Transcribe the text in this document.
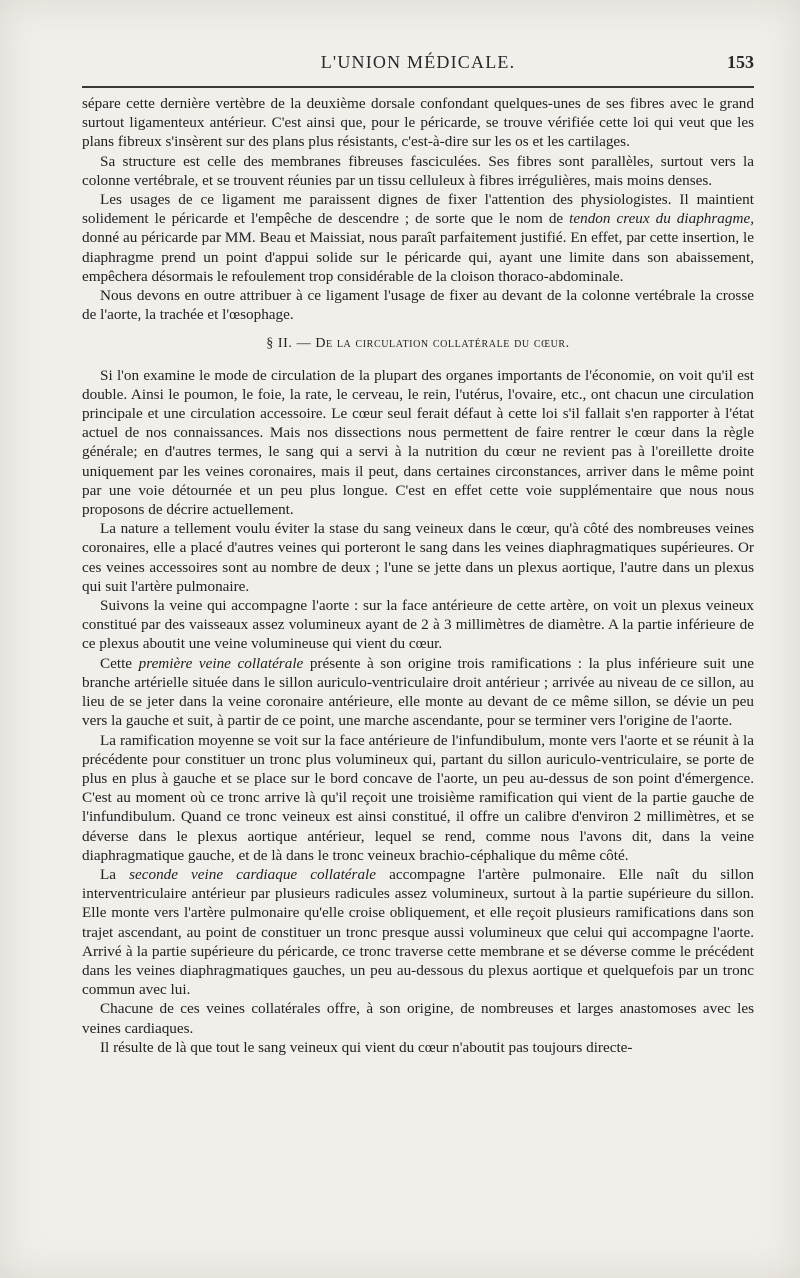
L'UNION MÉDICALE.	153

sépare cette dernière vertèbre de la deuxième dorsale confondant quelques-unes de ses fibres avec le grand surtout ligamenteux antérieur. C'est ainsi que, pour le péricarde, se trouve vérifiée cette loi qui veut que les plans fibreux s'insèrent sur des plans plus résistants, c'est-à-dire sur les os et les cartilages.

Sa structure est celle des membranes fibreuses fasciculées. Ses fibres sont parallèles, surtout vers la colonne vertébrale, et se trouvent réunies par un tissu celluleux à fibres irrégulières, mais moins denses.

Les usages de ce ligament me paraissent dignes de fixer l'attention des physiologistes. Il maintient solidement le péricarde et l'empêche de descendre ; de sorte que le nom de tendon creux du diaphragme, donné au péricarde par MM. Beau et Maissiat, nous paraît parfaitement justifié. En effet, par cette insertion, le diaphragme prend un point d'appui solide sur le péricarde qui, ayant une limite dans son abaissement, empêchera désormais le refoulement trop considérable de la cloison thoraco-abdominale.

Nous devons en outre attribuer à ce ligament l'usage de fixer au devant de la colonne vertébrale la crosse de l'aorte, la trachée et l'œsophage.

§ II. — De la circulation collatérale du cœur.

Si l'on examine le mode de circulation de la plupart des organes importants de l'économie, on voit qu'il est double. Ainsi le poumon, le foie, la rate, le cerveau, le rein, l'utérus, l'ovaire, etc., ont chacun une circulation principale et une circulation accessoire. Le cœur seul ferait défaut à cette loi s'il fallait s'en rapporter à l'état actuel de nos connaissances. Mais nos dissections nous permettent de faire rentrer le cœur dans la règle générale; en d'autres termes, le sang qui a servi à la nutrition du cœur ne revient pas à l'oreillette droite uniquement par les veines coronaires, mais il peut, dans certaines circonstances, arriver dans le même point par une voie détournée et un peu plus longue. C'est en effet cette voie supplémentaire que nous nous proposons de décrire actuellement.

La nature a tellement voulu éviter la stase du sang veineux dans le cœur, qu'à côté des nombreuses veines coronaires, elle a placé d'autres veines qui porteront le sang dans les veines diaphragmatiques supérieures. Or ces veines accessoires sont au nombre de deux ; l'une se jette dans un plexus aortique, l'autre dans un plexus qui suit l'artère pulmonaire.

Suivons la veine qui accompagne l'aorte : sur la face antérieure de cette artère, on voit un plexus veineux constitué par des vaisseaux assez volumineux ayant de 2 à 3 millimètres de diamètre. A la partie inférieure de ce plexus aboutit une veine volumineuse qui vient du cœur.

Cette première veine collatérale présente à son origine trois ramifications : la plus inférieure suit une branche artérielle située dans le sillon auriculo-ventriculaire droit antérieur ; arrivée au niveau de ce sillon, au lieu de se jeter dans la veine coronaire antérieure, elle monte au devant de ce même sillon, se dévie un peu vers la gauche et suit, à partir de ce point, une marche ascendante, pour se terminer vers l'origine de l'aorte.

La ramification moyenne se voit sur la face antérieure de l'infundibulum, monte vers l'aorte et se réunit à la précédente pour constituer un tronc plus volumineux qui, partant du sillon auriculo-ventriculaire, se porte de plus en plus à gauche et se place sur le bord concave de l'aorte, un peu au-dessus de son point d'émergence. C'est au moment où ce tronc arrive là qu'il reçoit une troisième ramification qui vient de la partie gauche de l'infundibulum. Quand ce tronc veineux est ainsi constitué, il offre un calibre d'environ 2 millimètres, et se déverse dans le plexus aortique antérieur, lequel se rend, comme nous l'avons dit, dans la veine diaphragmatique gauche, et de là dans le tronc veineux brachio-céphalique du même côté.

La seconde veine cardiaque collatérale accompagne l'artère pulmonaire. Elle naît du sillon interventriculaire antérieur par plusieurs radicules assez volumineux, surtout à la partie supérieure du sillon. Elle monte vers l'artère pulmonaire qu'elle croise obliquement, et elle reçoit plusieurs ramifications dans son trajet ascendant, au point de constituer un tronc presque aussi volumineux que celui qui accompagne l'aorte. Arrivé à la partie supérieure du péricarde, ce tronc traverse cette membrane et se déverse comme le précédent dans les veines diaphragmatiques gauches, un peu au-dessous du plexus aortique et quelquefois par un tronc commun avec lui.

Chacune de ces veines collatérales offre, à son origine, de nombreuses et larges anastomoses avec les veines cardiaques.

Il résulte de là que tout le sang veineux qui vient du cœur n'aboutit pas toujours directe-
